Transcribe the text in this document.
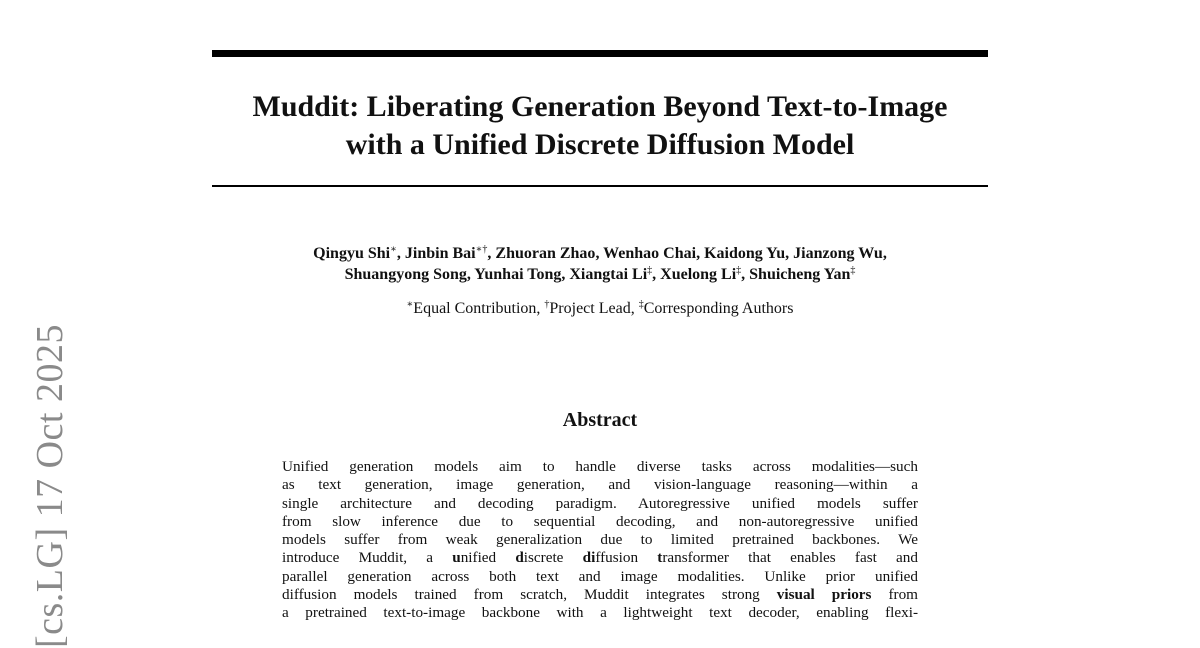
[cs.LG] 17 Oct 2025
Muddit: Liberating Generation Beyond Text-to-Image
with a Unified Discrete Diffusion Model
Qingyu Shi∗, Jinbin Bai∗†, Zhuoran Zhao, Wenhao Chai, Kaidong Yu, Jianzong Wu,
Shuangyong Song, Yunhai Tong, Xiangtai Li‡, Xuelong Li‡, Shuicheng Yan‡
∗Equal Contribution, †Project Lead, ‡Corresponding Authors
Abstract
Unified generation models aim to handle diverse tasks across modalities—such
as text generation, image generation, and vision-language reasoning—within a
single architecture and decoding paradigm. Autoregressive unified models suffer
from slow inference due to sequential decoding, and non-autoregressive unified
models suffer from weak generalization due to limited pretrained backbones. We
introduce Muddit, a unified discrete diffusion transformer that enables fast and
parallel generation across both text and image modalities. Unlike prior unified
diffusion models trained from scratch, Muddit integrates strong visual priors from
a pretrained text-to-image backbone with a lightweight text decoder, enabling flexi-
